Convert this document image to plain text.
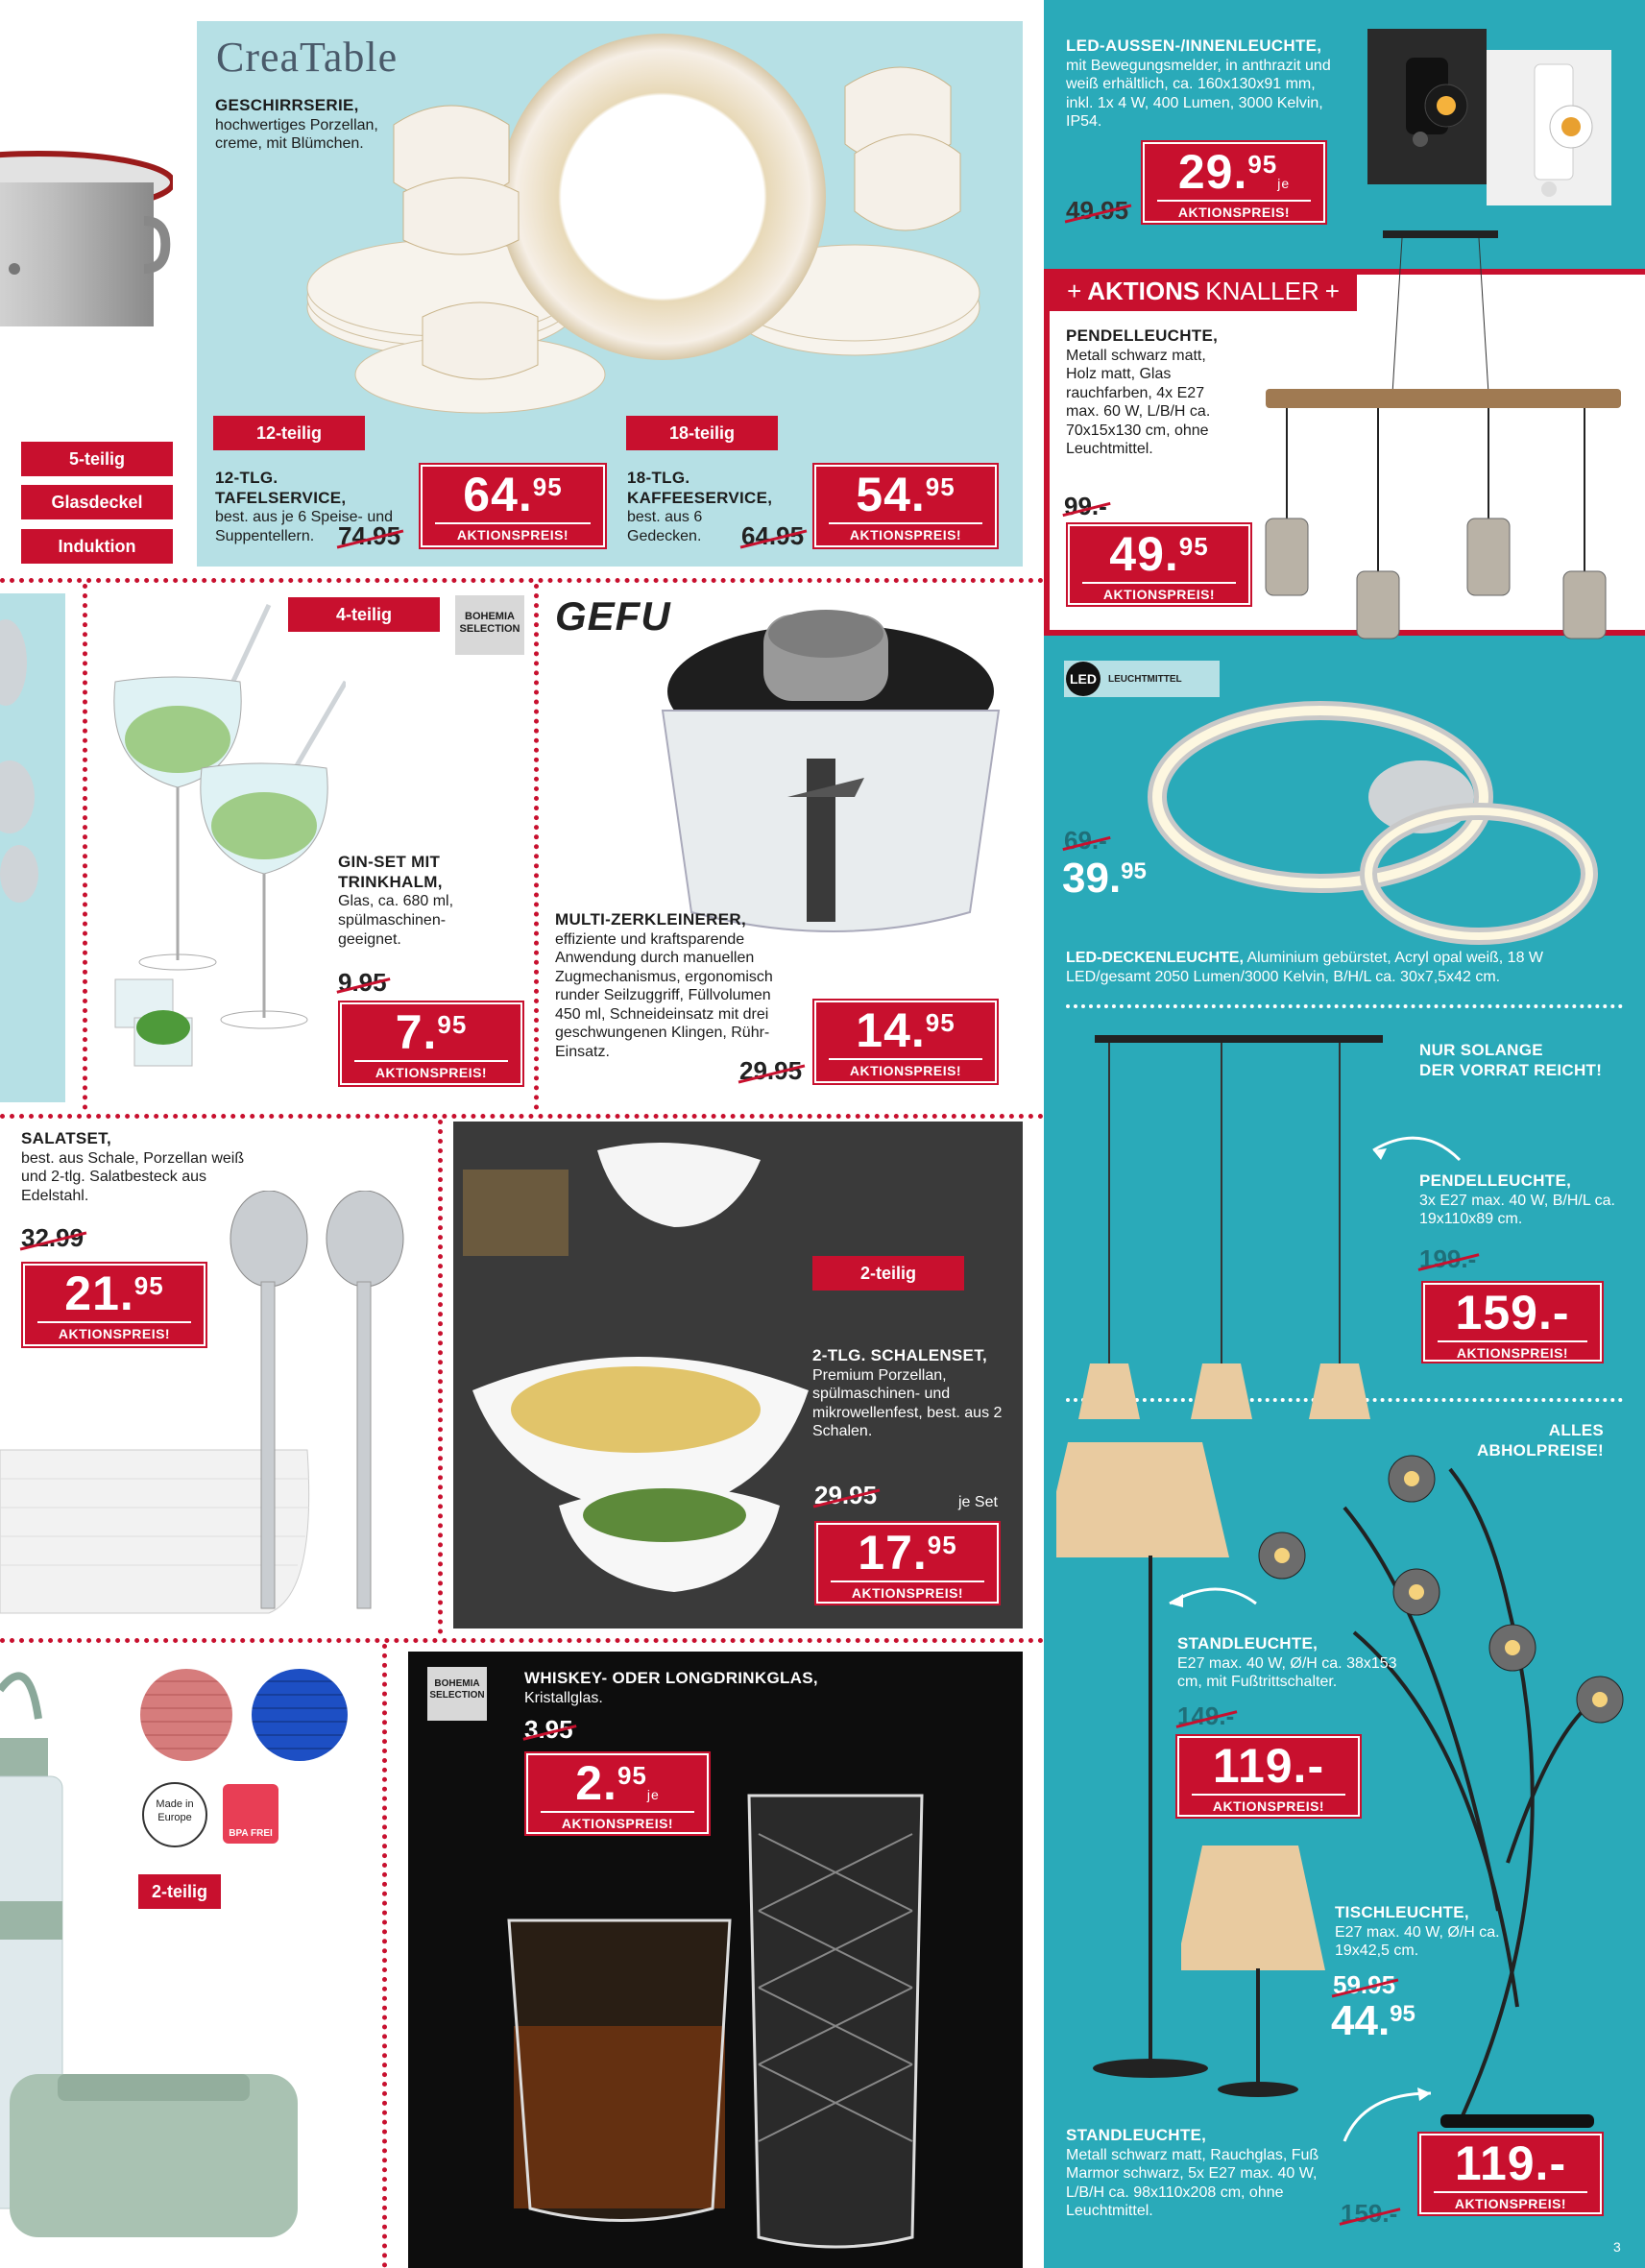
5-teilig
Glasdeckel
Induktion
CreaTable
GESCHIRRSERIE,
hochwertiges Porzellan, creme, mit Blümchen.
12-teilig	18-teilig
12-TLG. TAFELSERVICE,
best. aus je 6 Speise- und Suppentellern. 74.95
64.95
AKTIONSPREIS!
18-TLG. KAFFEESERVICE,
best. aus 6 Gedecken.	64.95
54.95
AKTIONSPREIS!
LED-AUSSEN-/INNENLEUCHTE,
mit Bewegungsmelder, in anthrazit und weiß erhältlich, ca. 160x130x91 mm, inkl. 1x 4 W, 400 Lumen, 3000 Kelvin, IP54.
49.95
29.95je
AKTIONSPREIS!
+ AKTIONS KNALLER +
PENDELLEUCHTE,
Metall schwarz matt, Holz matt, Glas rauchfarben, 4x E27 max. 60 W, L/B/H ca. 70x15x130 cm, ohne Leuchtmittel.
99.-
49.95
AKTIONSPREIS!
4-teilig	BOHEMIA SELECTION
GIN-SET MIT TRINKHALM,
Glas, ca. 680 ml, spülmaschinen-geeignet.
9.95
7.95
AKTIONSPREIS!
GEFU
MULTI-ZERKLEINERER,
effiziente und kraftsparende Anwendung durch manuellen Zugmechanismus, ergonomisch runder Seilzuggriff, Füllvolumen 450 ml, Schneideinsatz mit drei geschwungenen Klingen, Rühr-Einsatz.
29.95
14.95
AKTIONSPREIS!
LED	LEUCHTMITTEL
69.-
39.95
LED-DECKENLEUCHTE, Aluminium gebürstet, Acryl opal weiß, 18 W LED/gesamt 2050 Lumen/3000 Kelvin, B/H/L ca. 30x7,5x42 cm.
SALATSET,
best. aus Schale, Porzellan weiß und 2-tlg. Salatbesteck aus Edelstahl.
32.99
21.95
AKTIONSPREIS!
2-teilig
2-TLG. SCHALENSET,
Premium Porzellan, spülmaschinen- und mikrowellenfest, best. aus 2 Schalen.
29.95	je Set
17.95
AKTIONSPREIS!
NUR SOLANGE
DER VORRAT REICHT!
PENDELLEUCHTE,
3x E27 max. 40 W, B/H/L ca. 19x110x89 cm.
199.-
159.-
AKTIONSPREIS!
ALLES
ABHOLPREISE!
STANDLEUCHTE,
E27 max. 40 W, Ø/H ca. 38x153 cm, mit Fußtrittschalter.
149.-
119.-
AKTIONSPREIS!
TISCHLEUCHTE,
E27 max. 40 W, Ø/H ca. 19x42,5 cm.
59.95
44.95
STANDLEUCHTE,
Metall schwarz matt, Rauchglas, Fuß Marmor schwarz, 5x E27 max. 40 W, L/B/H ca. 98x110x208 cm, ohne Leuchtmittel.	159.-
119.-
AKTIONSPREIS!
Made in Europe
BPA FREI
2-teilig
BOHEMIA SELECTION
WHISKEY- ODER LONGDRINKGLAS,
Kristallglas.
3.95
2.95je
AKTIONSPREIS!
3
